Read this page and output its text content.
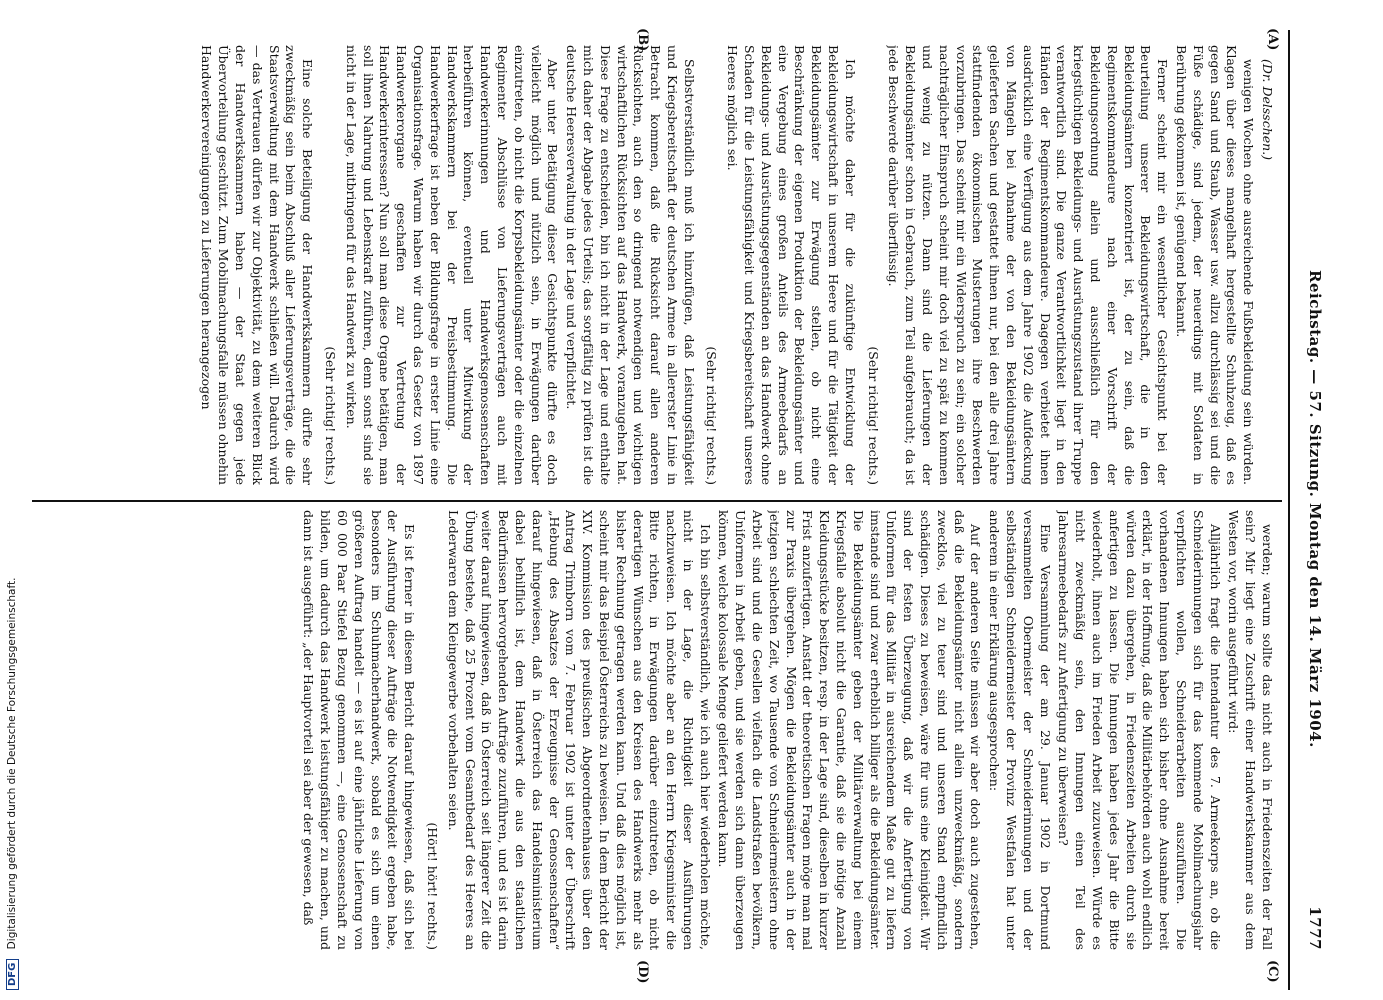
Reichstag. — 57. Sitzung. Montag den 14. März 1904.
1777
(A)
(B)
(C)
(D)

(Dr. Delsschen.)

wenigen Wochen ohne ausreichende Fußbekleidung sein würden. Klagen über dieses mangelhaft hergestellte Schuhzeug, daß es gegen Sand und Staub, Wasser usw. allzu durchlässig sei und die Füße schädige, sind jedem, der neuerdings mit Soldaten in Berührung gekommen ist, genügend bekannt.

Ferner scheint mir ein wesentlicher Gesichtspunkt bei der Beurteilung unserer Bekleidungswirtschaft, die in den Bekleidungsämtern konzentriert ist, der zu sein, daß die Regimentskommandeure nach einer Vorschrift der Bekleidungsordnung allein und ausschließlich für den kriegstüchtigen Bekleidungs- und Ausrüstungszustand ihrer Truppe verantwortlich sind. Die ganze Verantwortlichkeit liegt in den Händen der Regimentskommandeure. Dagegen verbietet ihnen ausdrücklich eine Verfügung aus dem Jahre 1902 die Aufdeckung von Mängeln bei Abnahme der von den Bekleidungsämtern gelieferten Sachen und gestattet ihnen nur, bei den alle drei Jahre stattfindenden ökonomischen Musterungen ihre Beschwerden vorzubringen. Das scheint mir ein Widerspruch zu sein; ein solcher nachträglicher Einspruch scheint mir doch viel zu spät zu kommen und wenig zu nützen. Dann sind die Lieferungen der Bekleidungsämter schon in Gebrauch, zum Teil aufgebraucht; da ist jede Beschwerde darüber überflüssig.

(Sehr richtig! rechts.)

Ich möchte daher für die zukünftige Entwicklung der Bekleidungswirtschaft in unserem Heere und für die Tätigkeit der Bekleidungsämter zur Erwägung stellen, ob nicht eine Beschränkung der eigenen Produktion der Bekleidungsämter und eine Vergebung eines großen Anteils des Armeebedarfs an Bekleidungs- und Ausrüstungsgegenständen an das Handwerk ohne Schaden für die Leistungsfähigkeit und Kriegsbereitschaft unseres Heeres möglich sei.

(Sehr richtig! rechts.)

Selbstverständlich muß ich hinzufügen, daß Leistungsfähigkeit und Kriegsbereitschaft der deutschen Armee in allererster Linie in Betracht kommen, daß die Rücksicht darauf allen anderen Rücksichten, auch den so dringend notwendigen und wichtigen wirtschaftlichen Rücksichten auf das Handwerk, voranzugehen hat. Diese Frage zu entscheiden, bin ich nicht in der Lage und enthalte mich daher der Abgabe jedes Urteils; das sorgfältig zu prüfen ist die deutsche Heeresverwaltung in der Lage und verpflichtet.

Aber unter Betätigung dieser Gesichtspunkte dürfte es doch vielleicht möglich und nützlich sein, in Erwägungen darüber einzutreten, ob nicht die Korpsbekleidungsämter oder die einzelnen Regimenter Abschlüsse von Lieferungsverträgen auch mit Handwerkerinnungen und Handwerksgenossenschaften herbeiführen können, eventuell unter Mitwirkung der Handwerkskammern bei der Preisbestimmung. Die Handwerkerfrage ist neben der Bildungsfrage in erster Linie eine Organisationsfrage. Warum haben wir durch das Gesetz von 1897 Handwerkerorgane geschaffen zur Vertretung der Handwerkerinteressen? Nun soll man diese Organe betätigen, man soll ihnen Nahrung und Lebenskraft zuführen, denn sonst sind sie nicht in der Lage, mitbringend für das Handwerk zu wirken.

(Sehr richtig! rechts.)

Eine solche Beteiligung der Handwerkskammern dürfte sehr zweckmäßig sein beim Abschluß aller Lieferungsverträge, die die Staatsverwaltung mit dem Handwerk schließen will. Dadurch wird — das Vertrauen dürfen wir zur Objektivität, zu dem weiteren Blick der Handwerkskammern haben — der Staat gegen jede Übervorteilung geschützt. Zum Mobilmachungsfalle müssen ohnehin Handwerkervereinigungen zu Lieferungen herangezogen

werden; warum sollte das nicht auch in Friedenszeiten der Fall sein? Mir liegt eine Zuschrift einer Handwerkskammer aus dem Westen vor, worin ausgeführt wird:

Alljährlich fragt die Intendantur des 7. Armeekorps an, ob die Schneiderinnungen sich für das kommende Mobilmachungsjahr verpflichten wollen, Schneiderarbeiten auszuführen. Die vorhandenen Innungen haben sich bisher ohne Ausnahme bereit erklärt, in der Hoffnung, daß die Militärbehörden auch wohl endlich würden dazu übergehen, in Friedenszeiten Arbeiten durch sie anfertigen zu lassen. Die Innungen haben jedes Jahr die Bitte wiederholt, ihnen auch im Frieden Arbeit zuzuweisen. Würde es nicht zweckmäßig sein, den Innungen einen Teil des Jahresarmeebedarfs zur Anfertigung zu überweisen?

Eine Versammlung der am 29. Januar 1902 in Dortmund versammelten Obermeister der Schneiderinnungen und der selbständigen Schneidermeister der Provinz Westfalen hat unter anderem in einer Erklärung ausgesprochen:

Auf der anderen Seite müssen wir aber doch auch zugestehen, daß die Bekleidungsämter nicht allein unzweckmäßig, sondern zwecklos, viel zu teuer sind und unseren Stand empfindlich schädigen. Dieses zu beweisen, wäre für uns eine Kleinigkeit. Wir sind der festen Überzeugung, daß wir die Anfertigung von Uniformen für das Militär in ausreichendem Maße gut zu liefern imstande sind und zwar erheblich billiger als die Bekleidungsämter. Die Bekleidungsämter geben der Militärverwaltung bei einem Kriegsfalle absolut nicht die Garantie, daß sie die nötige Anzahl Kleidungsstücke besitzen, resp. in der Lage sind, dieselben in kurzer Frist anzufertigen. Anstatt der theoretischen Fragen möge man mal zur Praxis übergehen. Mögen die Bekleidungsämter auch in der jetzigen schlechten Zeit, wo Tausende von Schneidermeistern ohne Arbeit sind und die Gesellen vielfach die Landstraßen bevölkern, Uniformen in Arbeit geben, und sie werden sich dann überzeugen können, welche kolossale Menge geliefert werden kann.

Ich bin selbstverständlich, wie ich auch hier wiederholen möchte, nicht in der Lage, die Richtigkeit dieser Ausführungen nachzuweisen. Ich möchte aber an den Herrn Kriegsminister die Bitte richten, in Erwägungen darüber einzutreten, ob nicht derartigen Wünschen aus den Kreisen des Handwerks mehr als bisher Rechnung getragen werden kann. Und daß dies möglich ist, scheint mir das Beispiel Österreichs zu beweisen. In dem Bericht der XIV. Kommission des preußischen Abgeordnetenhauses über den Antrag Trimborn vom 7. Februar 1902 ist unter der Überschrift „Hebung des Absatzes der Erzeugnisse der Genossenschaften“ darauf hingewiesen, daß in Österreich das Handelsministerium dabei behilflich ist, dem Handwerk die aus den staatlichen Bedürfnissen hervorgehenden Aufträge zuzuführen, und es ist darin weiter darauf hingewiesen, daß in Österreich seit längerer Zeit die Übung bestehe, daß 25 Prozent vom Gesamtbedarf des Heeres an Lederwaren dem Kleingewerbe vorbehalten seien.

(Hört! hört! rechts.)

Es ist ferner in diesem Bericht darauf hingewiesen, daß sich bei der Ausführung dieser Aufträge die Notwendigkeit ergeben habe, besonders im Schuhmacherhandwerk, sobald es sich um einen größeren Auftrag handelt — es ist auf eine jährliche Lieferung von 60 000 Paar Stiefel Bezug genommen —, eine Genossenschaft zu bilden, um dadurch das Handwerk leistungsfähiger zu machen, und dann ist ausgeführt: „der Hauptvorteil sei aber der gewesen, daß

DFG Digitalisierung gefördert durch die Deutsche Forschungsgemeinschaft.
